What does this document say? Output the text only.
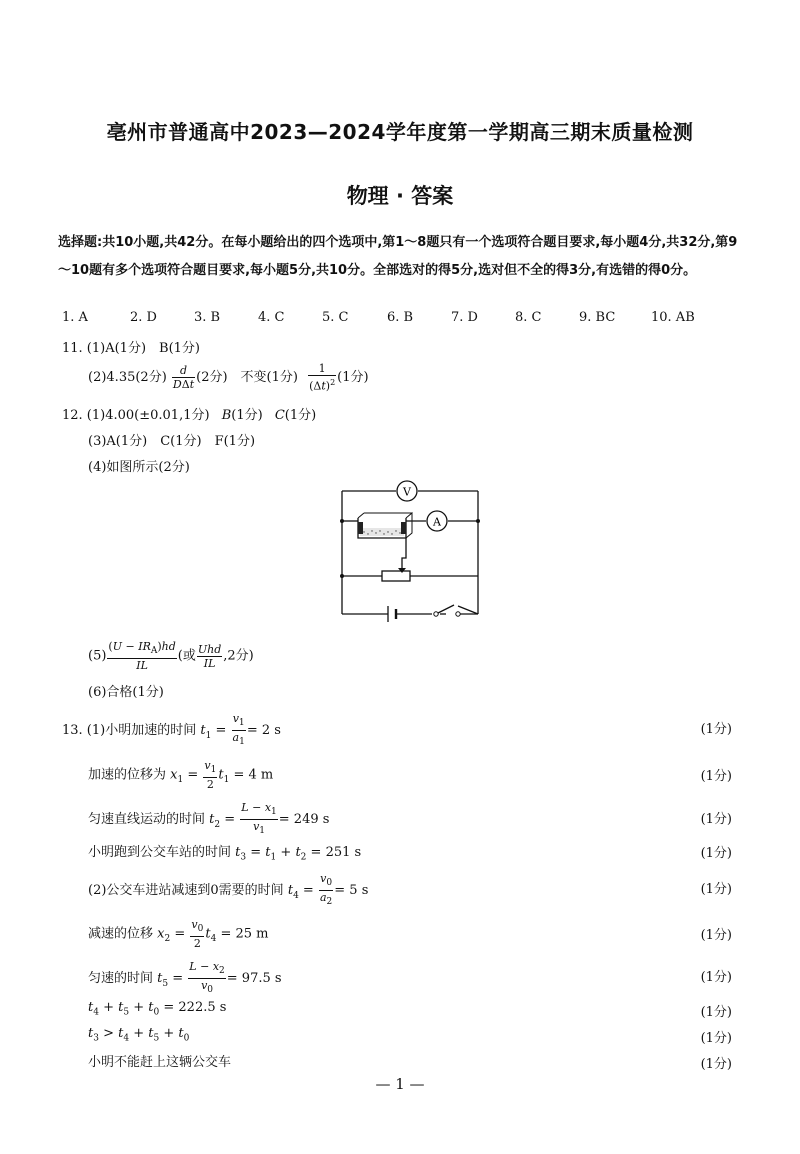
亳州市普通高中2023—2024学年度第一学期高三期末质量检测
物理 · 答案
选择题:共10小题,共42分。在每小题给出的四个选项中,第1～8题只有一个选项符合题目要求,每小题4分,共32分,第9～10题有多个选项符合题目要求,每小题5分,共10分。全部选对的得5分,选对但不全的得3分,有选错的得0分。
1. A	2. D	3. B	4. C	5. C	6. B	7. D	8. C	9. BC	10. AB
11. (1)A(1分)　B(1分)
(2)4.35(2分) $\frac{d}{\text{DΔt}} (2$分)　不变(1分) $\frac{1}{(\Delta t)^2} (1$分)
12. (1)4.00(±0.01,1分) B(1分) C(1分)
(3)A(1分)　C(1分)　F(1分)
(4)如图所示(2分)
V
A
$(5) \frac{(U - IR_A)hd}{IL}$ (或 $\frac{\text{Uhd}}{IL} ,2$分)
(6)合格(1分)
13. (1)小明加速的时间 $t_1 = \frac{v_1}{a_1} = 2$ s	(1分)
加速的位移为 $x_1 = \frac{v_1}{2} t_1 = 4$ m	(1分)
匀速直线运动的时间 $t_2 = \frac{L - x_1}{v_1} = 249$ s	(1分)
小明跑到公交车站的时间 $t_3 = t_1 + t_2 = 251$ s	(1分)
(2)公交车进站减速到0需要的时间 $t_4 = \frac{v_0}{a_2} = 5$ s	(1分)
减速的位移 $x_2 = \frac{v_0}{2} t_4 = 25$ m	(1分)
匀速的时间 $t_5 = \frac{L - x_2}{v_0} = 97.5$ s	(1分)
$t_4 + t_5 + t_0 = 222.5$ s	(1分)
$t_3 > t_4 + t_5 + t_0$	(1分)
小明不能赶上这辆公交车	(1分)
— 1 —
